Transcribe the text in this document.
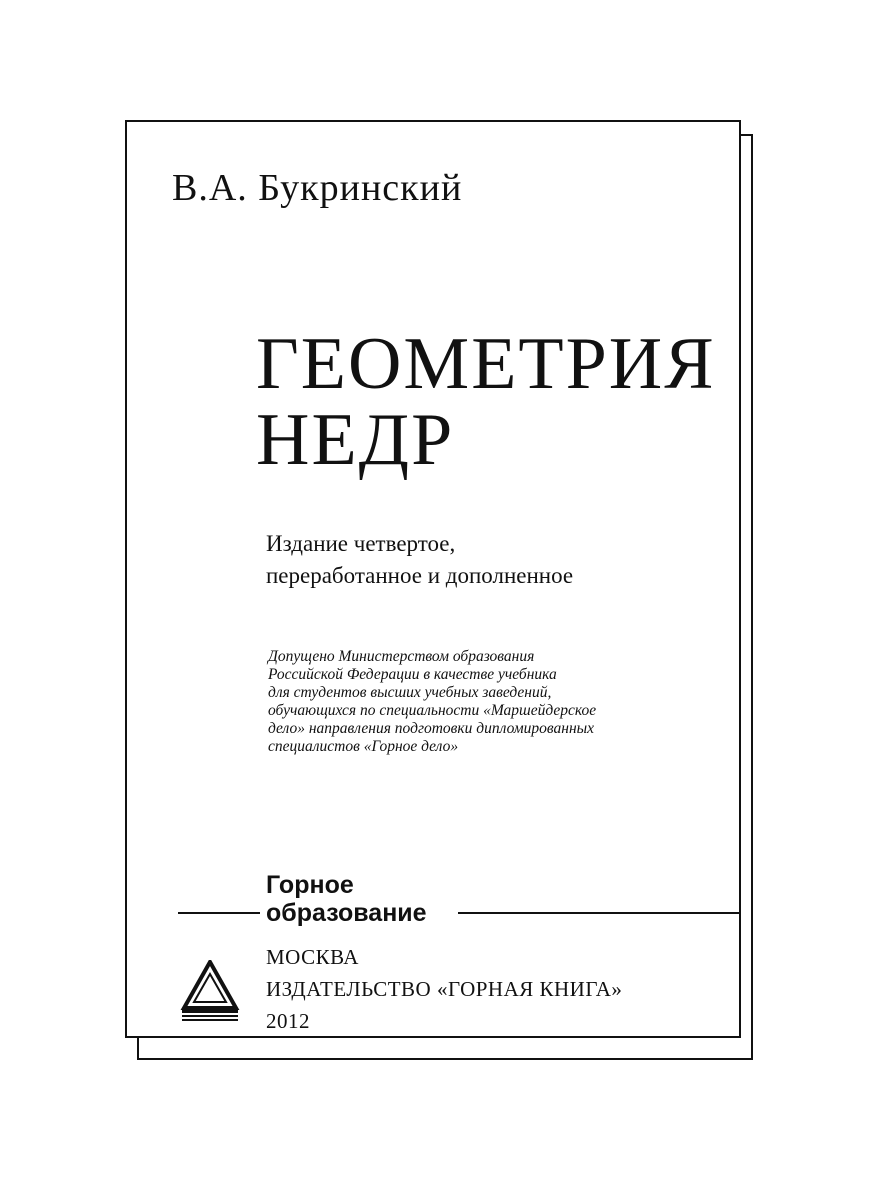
В.А. Букринский
ГЕОМЕТРИЯ
НЕДР
Издание четвертое,
переработанное и дополненное
Допущено Министерством образования
Российской Федерации в качестве учебника
для студентов высших учебных заведений,
обучающихся по специальности «Маршейдерское
дело» направления подготовки дипломированных
специалистов «Горное дело»
Горное
образование
МОСКВА
ИЗДАТЕЛЬСТВО «ГОРНАЯ КНИГА»
2012
